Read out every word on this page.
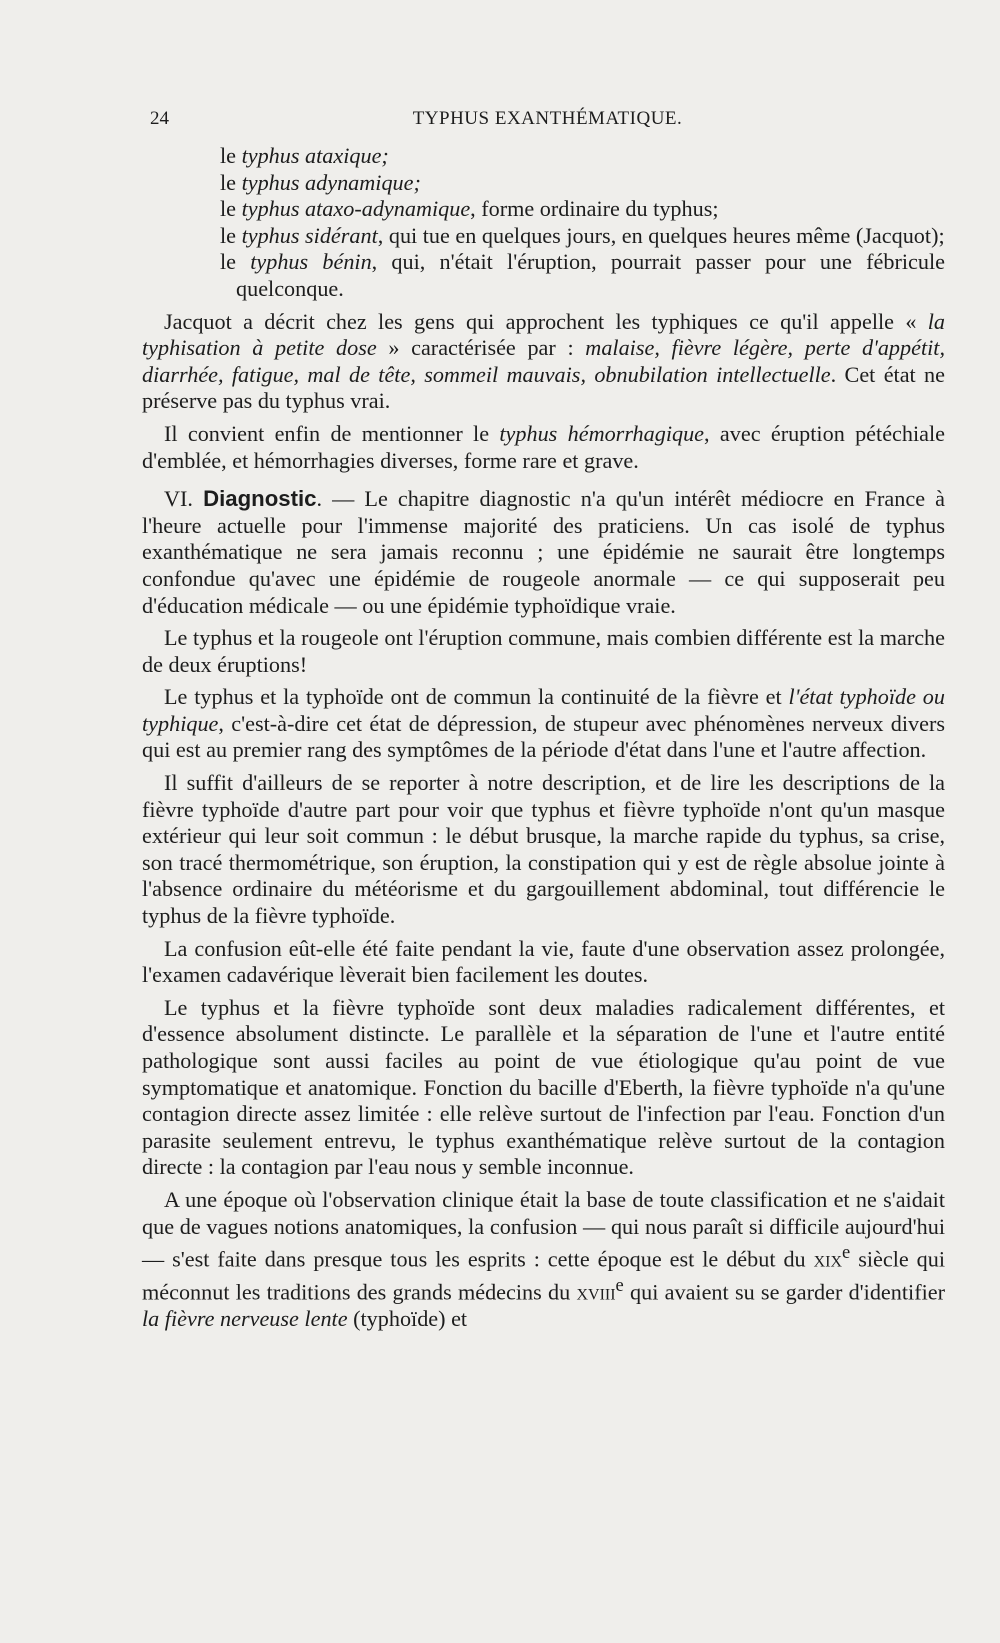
24	TYPHUS EXANTHÉMATIQUE.

le typhus ataxique;

le typhus adynamique;

le typhus ataxo-adynamique, forme ordinaire du typhus;

le typhus sidérant, qui tue en quelques jours, en quelques heures même (Jacquot);

le typhus bénin, qui, n'était l'éruption, pourrait passer pour une fébricule quelconque.

Jacquot a décrit chez les gens qui approchent les typhiques ce qu'il appelle « la typhisation à petite dose » caractérisée par : malaise, fièvre légère, perte d'appétit, diarrhée, fatigue, mal de tête, sommeil mauvais, obnubilation intellectuelle. Cet état ne préserve pas du typhus vrai.

Il convient enfin de mentionner le typhus hémorrhagique, avec éruption pétéchiale d'emblée, et hémorrhagies diverses, forme rare et grave.

VI. Diagnostic. — Le chapitre diagnostic n'a qu'un intérêt médiocre en France à l'heure actuelle pour l'immense majorité des praticiens. Un cas isolé de typhus exanthématique ne sera jamais reconnu ; une épidémie ne saurait être longtemps confondue qu'avec une épidémie de rougeole anormale — ce qui supposerait peu d'éducation médicale — ou une épidémie typhoïdique vraie.

Le typhus et la rougeole ont l'éruption commune, mais combien différente est la marche de deux éruptions!

Le typhus et la typhoïde ont de commun la continuité de la fièvre et l'état typhoïde ou typhique, c'est-à-dire cet état de dépression, de stupeur avec phénomènes nerveux divers qui est au premier rang des symptômes de la période d'état dans l'une et l'autre affection.

Il suffit d'ailleurs de se reporter à notre description, et de lire les descriptions de la fièvre typhoïde d'autre part pour voir que typhus et fièvre typhoïde n'ont qu'un masque extérieur qui leur soit commun : le début brusque, la marche rapide du typhus, sa crise, son tracé thermométrique, son éruption, la constipation qui y est de règle absolue jointe à l'absence ordinaire du météorisme et du gargouillement abdominal, tout différencie le typhus de la fièvre typhoïde.

La confusion eût-elle été faite pendant la vie, faute d'une observation assez prolongée, l'examen cadavérique lèverait bien facilement les doutes.

Le typhus et la fièvre typhoïde sont deux maladies radicalement différentes, et d'essence absolument distincte. Le parallèle et la séparation de l'une et l'autre entité pathologique sont aussi faciles au point de vue étiologique qu'au point de vue symptomatique et anatomique. Fonction du bacille d'Eberth, la fièvre typhoïde n'a qu'une contagion directe assez limitée : elle relève surtout de l'infection par l'eau. Fonction d'un parasite seulement entrevu, le typhus exanthématique relève surtout de la contagion directe : la contagion par l'eau nous y semble inconnue.

A une époque où l'observation clinique était la base de toute classification et ne s'aidait que de vagues notions anatomiques, la confusion — qui nous paraît si difficile aujourd'hui — s'est faite dans presque tous les esprits : cette époque est le début du xix$^e$ siècle qui méconnut les traditions des grands médecins du xviii$^e$ qui avaient su se garder d'identifier la fièvre nerveuse lente (typhoïde) et
